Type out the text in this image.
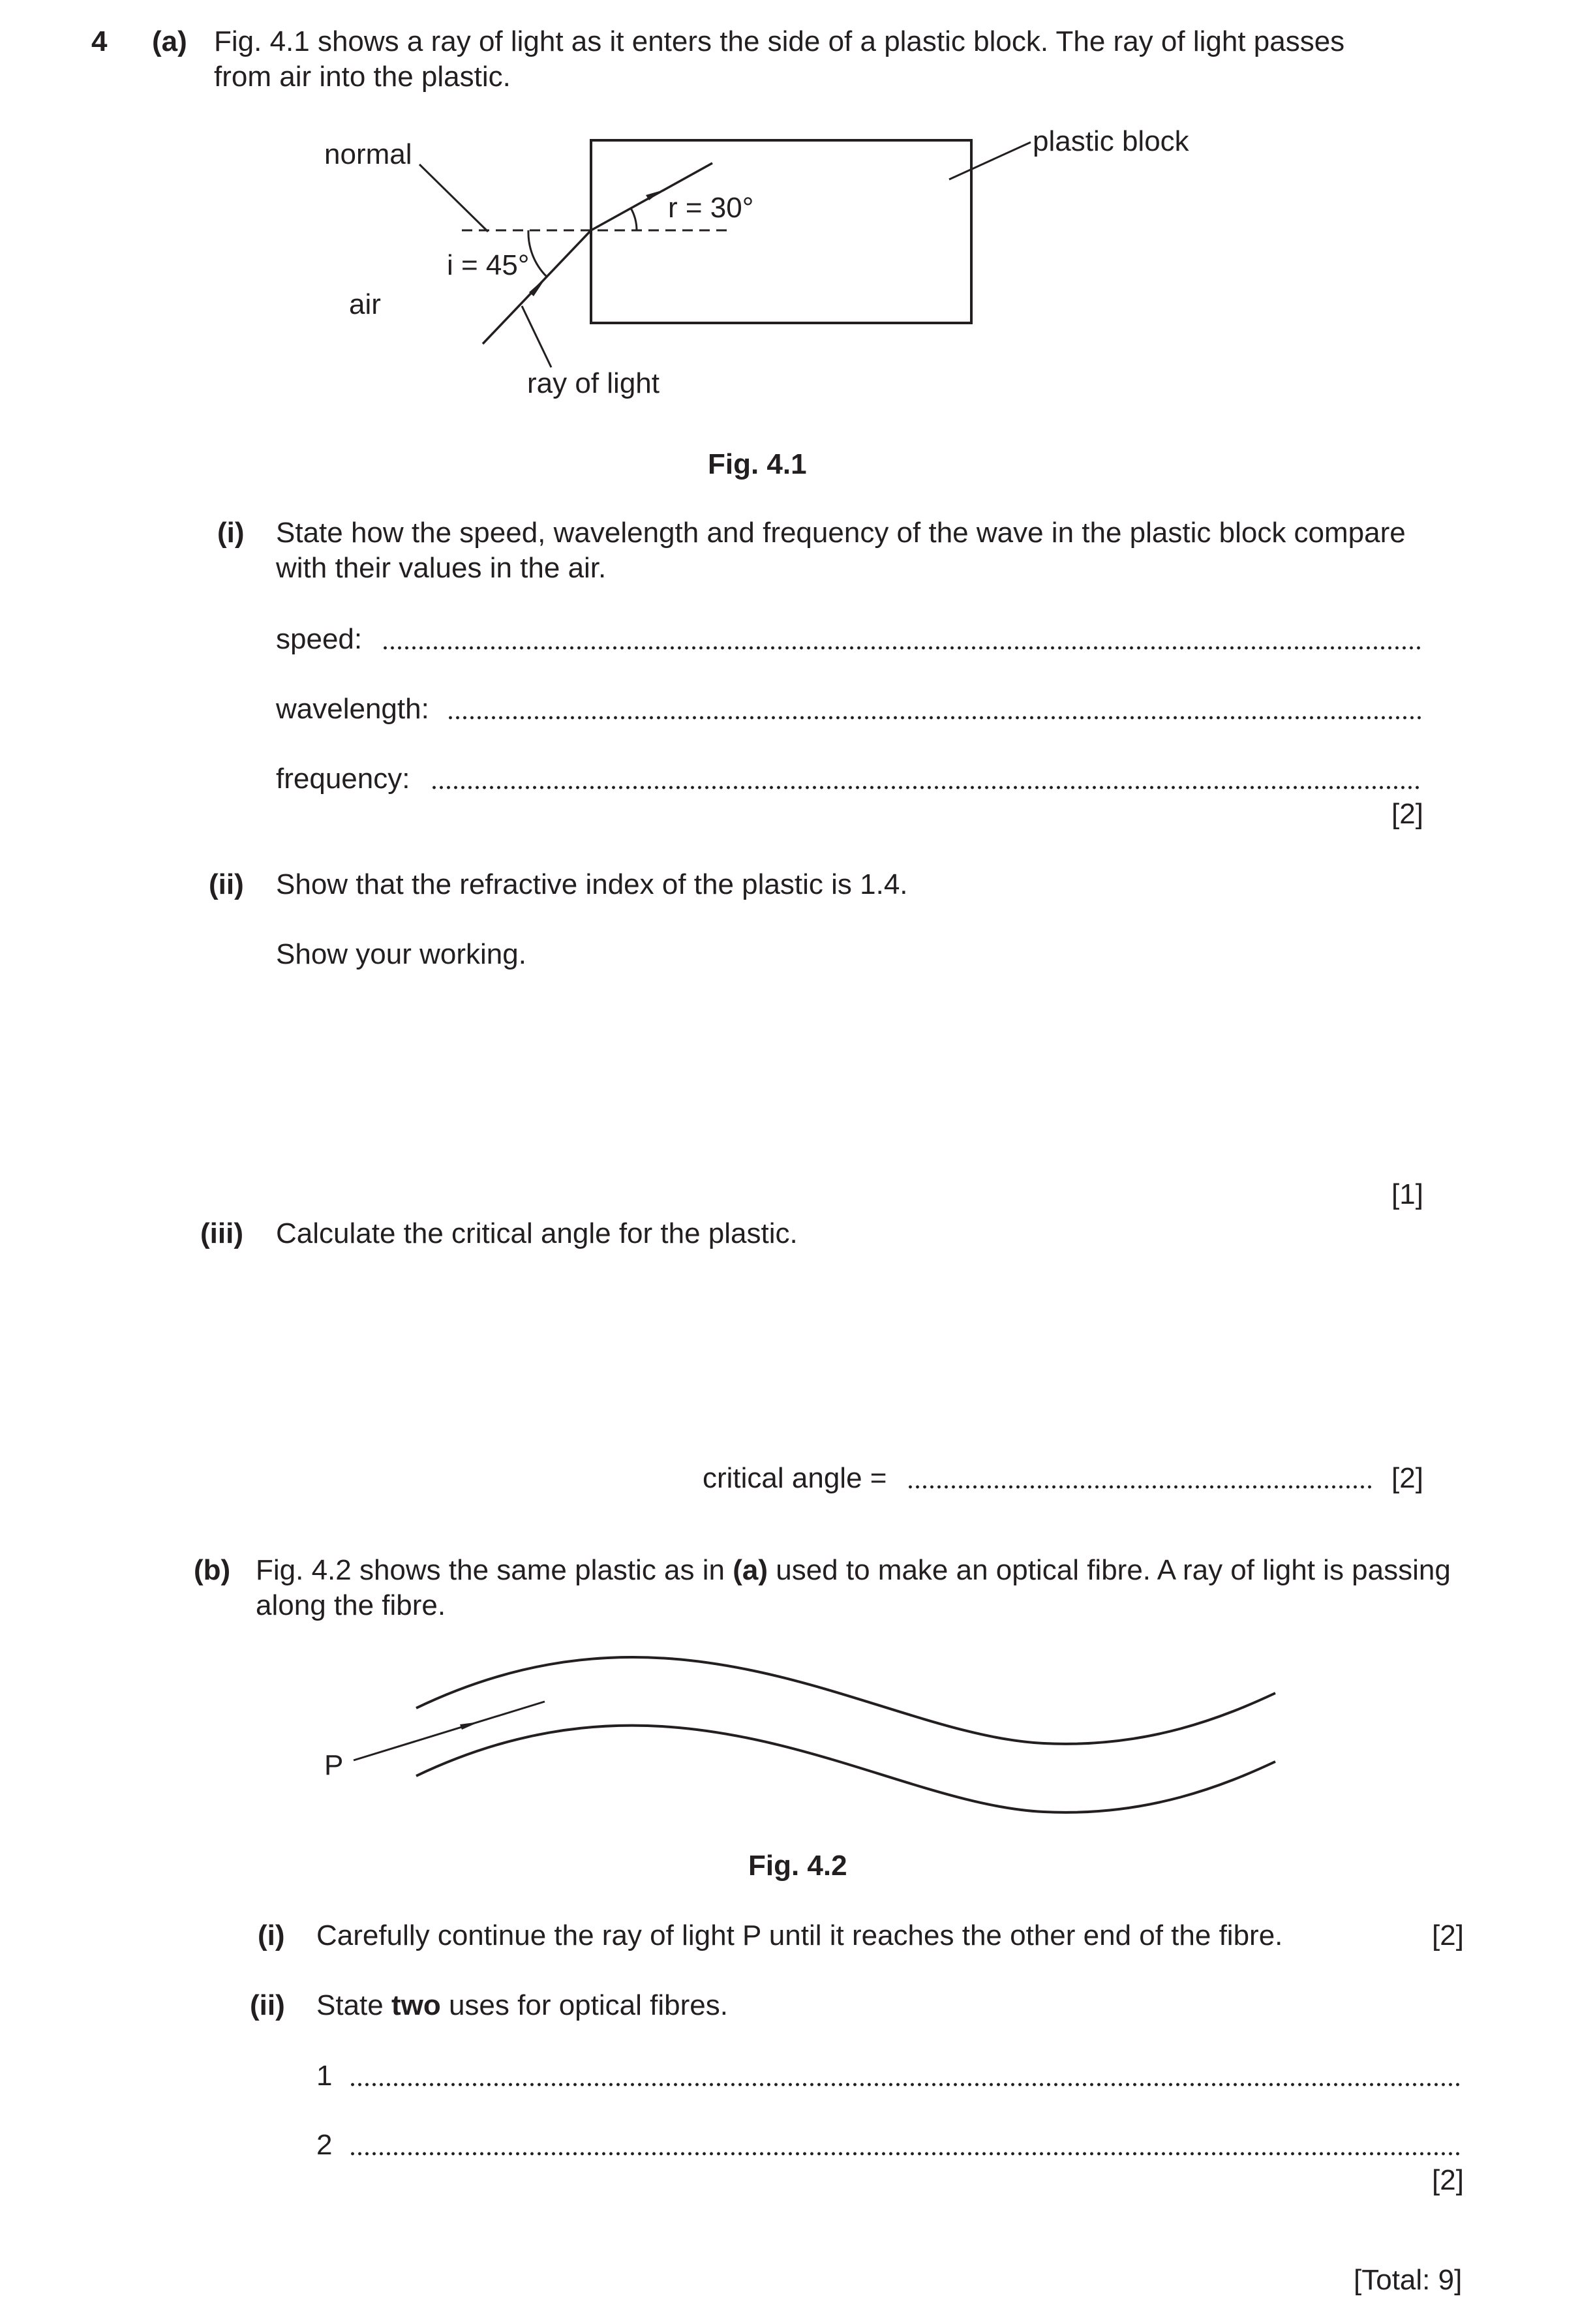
4 (a) Fig. 4.1 shows a ray of light as it enters the side of a plastic block. The ray of light passes
from air into the plastic.
normal	plastic block
r = 30°
i = 45°
air
ray of light
Fig. 4.1
(i) State how the speed, wavelength and frequency of the wave in the plastic block compare
with their values in the air.
speed:
wavelength:
frequency:
[2]
(ii) Show that the refractive index of the plastic is 1.4.
Show your working.
[1]
(iii) Calculate the critical angle for the plastic.
critical angle =	[2]
(b) Fig. 4.2 shows the same plastic as in (a) used to make an optical fibre. A ray of light is passing
along the fibre.
P
Fig. 4.2
(i) Carefully continue the ray of light P until it reaches the other end of the fibre.	[2]
(ii) State two uses for optical fibres.
1
2
[2]
[Total: 9]
